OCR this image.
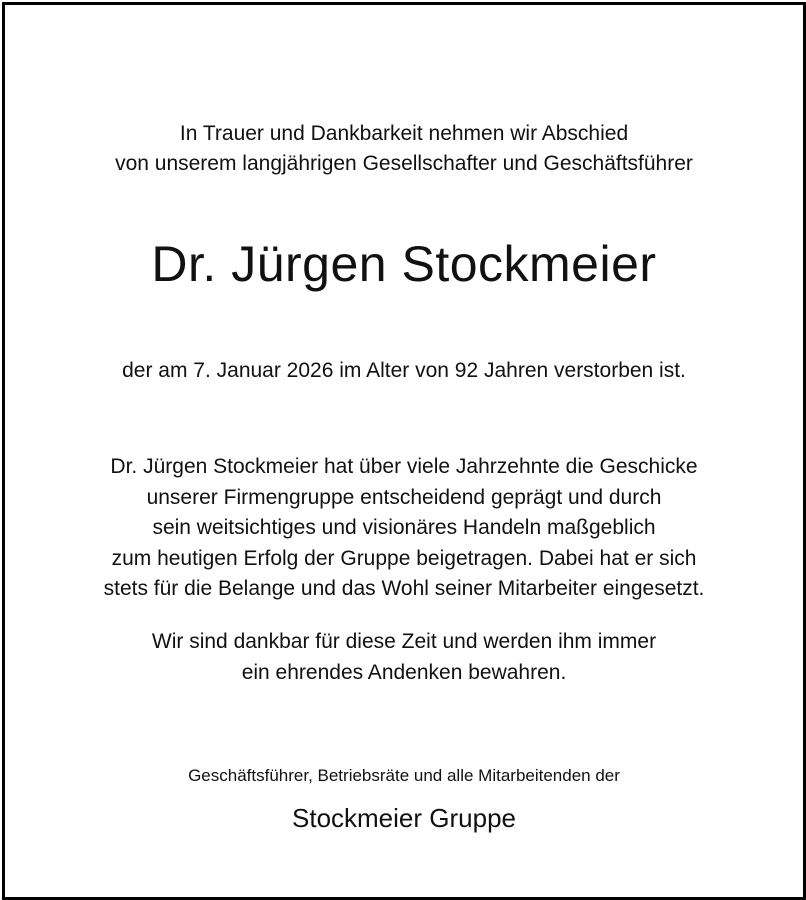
In Trauer und Dankbarkeit nehmen wir Abschied
von unserem langjährigen Gesellschafter und Geschäftsführer
Dr. Jürgen Stockmeier
der am 7. Januar 2026 im Alter von 92 Jahren verstorben ist.
Dr. Jürgen Stockmeier hat über viele Jahrzehnte die Geschicke
unserer Firmengruppe entscheidend geprägt und durch
sein weitsichtiges und visionäres Handeln maßgeblich
zum heutigen Erfolg der Gruppe beigetragen. Dabei hat er sich
stets für die Belange und das Wohl seiner Mitarbeiter eingesetzt.
Wir sind dankbar für diese Zeit und werden ihm immer
ein ehrendes Andenken bewahren.
Geschäftsführer, Betriebsräte und alle Mitarbeitenden der
Stockmeier Gruppe
